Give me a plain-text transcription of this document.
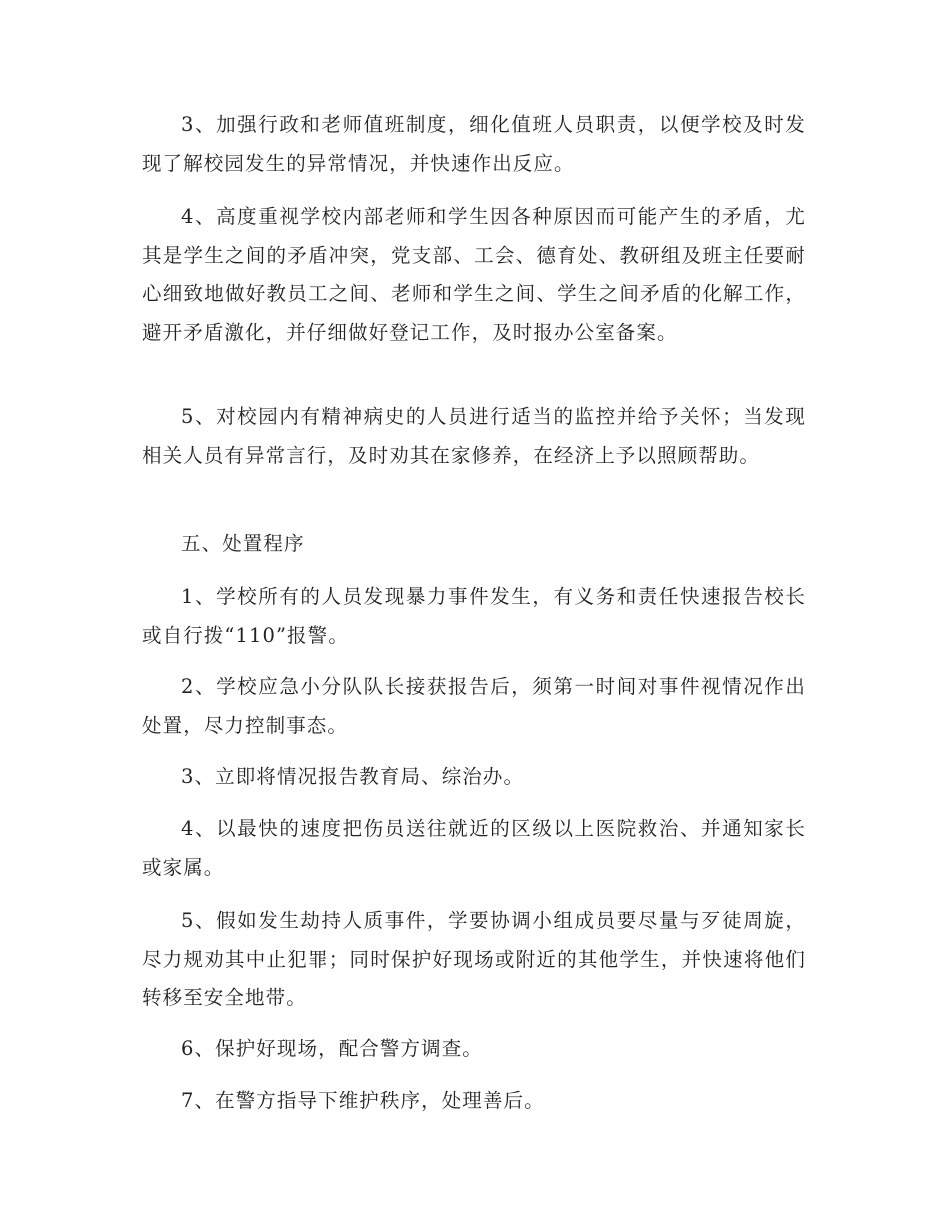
3、加强行政和老师值班制度，细化值班人员职责，以便学校及时发现了解校园发生的异常情况，并快速作出反应。

4、高度重视学校内部老师和学生因各种原因而可能产生的矛盾，尤其是学生之间的矛盾冲突，党支部、工会、德育处、教研组及班主任要耐心细致地做好教员工之间、老师和学生之间、学生之间矛盾的化解工作，避开矛盾激化，并仔细做好登记工作，及时报办公室备案。

5、对校园内有精神病史的人员进行适当的监控并给予关怀；当发现相关人员有异常言行，及时劝其在家修养，在经济上予以照顾帮助。

五、处置程序

1、学校所有的人员发现暴力事件发生，有义务和责任快速报告校长或自行拨“110”报警。

2、学校应急小分队队长接获报告后，须第一时间对事件视情况作出处置，尽力控制事态。

3、立即将情况报告教育局、综治办。

4、以最快的速度把伤员送往就近的区级以上医院救治、并通知家长或家属。

5、假如发生劫持人质事件，学要协调小组成员要尽量与歹徒周旋，尽力规劝其中止犯罪；同时保护好现场或附近的其他学生，并快速将他们转移至安全地带。

6、保护好现场，配合警方调查。

7、在警方指导下维护秩序，处理善后。
